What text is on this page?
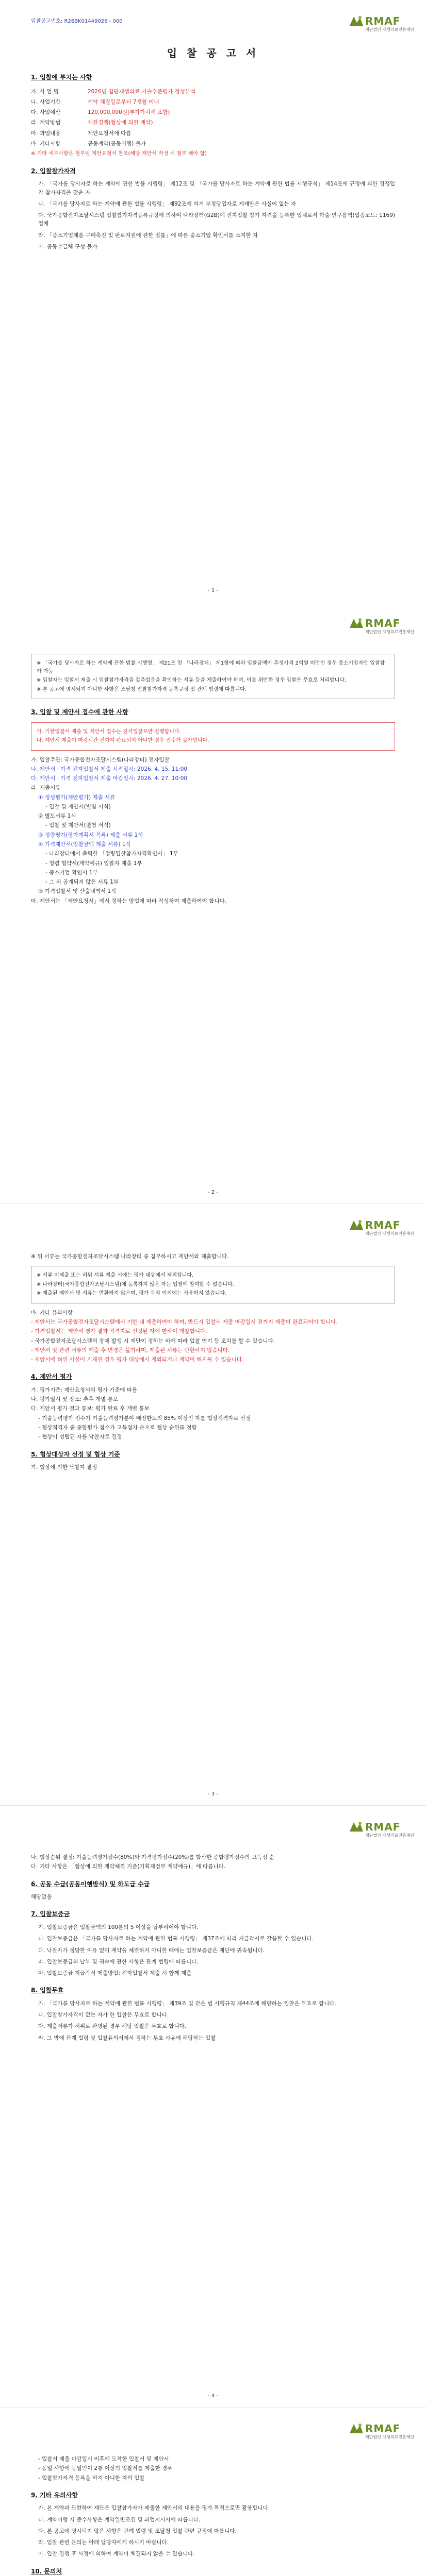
입찰공고번호: R26BK01449026 - 000	RMAF
재단법인 재생의료진흥재단
입 찰 공 고 서
1. 입찰에 부치는 사항
가. 사 업 명	2026년 첨단재생의료 기술수준평가 정성분석
나. 사업기간	계약 체결일로부터 7개월 이내
다. 사업예산	120,000,000원(부가가치세 포함)
라. 계약방법	제한경쟁(협상에 의한 계약)
마. 과업내용	제안요청서에 따름
바. 기타사항	공동계약(공동이행) 불가
※ 기타 세부사항은 첨부된 제안요청서 참조(해당 제안서 작성 시 첨부 해야 함)
2. 입찰참가자격
가. 「국가를 당사자로 하는 계약에 관한 법률 시행령」 제12조 및 「국가를 당사자로 하는 계약에 관한 법률 시행규칙」 제14조에 규정에 의한 경쟁입찰 참가자격을 갖춘 자
나. 「국가를 당사자로 하는 계약에 관한 법률 시행령」 제92조에 의거 부정당업자로 제재받은 사실이 없는 자
다. 국가종합전자조달시스템 입찰참가자격등록규정에 의하여 나라장터(G2B)에 전자입찰 참가 자격을 등록한 업체로서 학술·연구용역(업종코드: 1169) 업체
라. 「중소기업제품 구매촉진 및 판로지원에 관한 법률」에 따른 중소기업 확인서를 소지한 자
마. 공동수급체 구성 불가
- 1 -
RMAF
재단법인 재생의료진흥재단
※ 「국가를 당사자로 하는 계약에 관한 법률 시행령」 제21조 및 「나라장터」 제1항에 따라 입찰금액이 추정가격 2억원 미만인 경우 중소기업자만 입찰참가 가능
※ 입찰자는 입찰서 제출 시 입찰참가자격을 갖추었음을 확인하는 서류 등을 제출하여야 하며, 이를 위반한 경우 입찰은 무효로 처리합니다.
※ 본 공고에 명시되지 아니한 사항은 조달청 입찰참가자격 등록규정 및 관계 법령에 따릅니다.
3. 입찰 및 제안서 접수에 관한 사항
가. 기한입찰서 제출 및 제안서 접수는 전자입찰로만 진행합니다.
나. 제안서 제출이 마감시간 전까지 완료되지 아니한 경우 접수가 불가합니다.
가. 입찰주관: 국가종합전자조달시스템(나라장터) 전자입찰
나. 제안서 · 가격 전자입찰서 제출 시작일시: 2026. 4. 15. 11:00
다. 제안서 · 가격 전자입찰서 제출 마감일시: 2026. 4. 27. 10:00
라. 제출서류
① 정성평가(제안평가) 제출 서류
- 입찰 및 제안서(별첨 서식)
② 별도서류 1식
- 입찰 및 제안서(별첨 서식)
③ 정량평가(평가계획서 목록) 제출 서류 1식
④ 가격제안서(입찰금액 제출 서류) 1식
- 나라장터에서 출력한 「정량입찰참가자격확인서」 1부
- 청렴 협약서(계약예규) 입찰자 제출 1부
- 중소기업 확인서 1부
- 그 외 공개되지 않은 서류 1부
⑤ 가격입찰서 및 산출내역서 1식
마. 제안서는 「제안요청서」에서 정하는 방법에 따라 작성하여 제출하여야 합니다.
- 2 -
RMAF
재단법인 재생의료진흥재단
※ 위 서류는 국가종합전자조달시스템 나라장터 중 첨부하시고 제안서와 제출합니다.
※ 서류 미제출 또는 허위 서류 제출 시에는 평가 대상에서 제외됩니다.
※ 나라장터(국가종합전자조달시스템)에 등록하지 않은 자는 입찰에 참여할 수 없습니다.
※ 제출된 제안서 및 서류는 반환하지 않으며, 평가 목적 이외에는 사용하지 않습니다.
바. 기타 유의사항
- 제안서는 국가종합전자조달시스템에서 기한 내 제출하여야 하며, 반드시 입찰서 제출 마감일시 전까지 제출이 완료되어야 합니다.
- 가격입찰서는 제안서 평가 결과 적격자로 선정된 자에 한하여 개찰합니다.
- 국가종합전자조달시스템의 장애 발생 시 재단이 정하는 바에 따라 입찰 연기 등 조치를 할 수 있습니다.
- 제안서 및 관련 서류의 제출 후 변경은 불가하며, 제출된 서류는 반환하지 않습니다.
- 제안서에 허위 사실이 기재된 경우 평가 대상에서 제외되거나 계약이 해지될 수 있습니다.
4. 제안서 평가
가. 평가기준: 제안요청서의 평가 기준에 따름
나. 평가일시 및 장소: 추후 개별 통보
다. 제안서 평가 결과 통보: 평가 완료 후 개별 통보
- 기술능력평가 점수가 기술능력평가분야 배점한도의 85% 이상인 자를 협상적격자로 선정
- 협상적격자 중 종합평가 점수가 고득점자 순으로 협상 순위를 정함
- 협상이 성립된 자를 낙찰자로 결정
5. 협상대상자 선정 및 협상 기준
가. 협상에 의한 낙찰자 결정
- 3 -
RMAF
재단법인 재생의료진흥재단
나. 협상순위 결정: 기술능력평가점수(80%)와 가격평가점수(20%)를 합산한 종합평가점수의 고득점 순
다. 기타 사항은 「협상에 의한 계약체결 기준(기획재정부 계약예규)」에 따릅니다.
6. 공동 수급(공동이행방식) 및 하도급 수급
해당없음
7. 입찰보증금
가. 입찰보증금은 입찰금액의 100분의 5 이상을 납부하여야 합니다.
나. 입찰보증금은 「국가를 당사자로 하는 계약에 관한 법률 시행령」 제37조에 따라 지급각서로 갈음할 수 있습니다.
다. 낙찰자가 정당한 이유 없이 계약을 체결하지 아니한 때에는 입찰보증금은 재단에 귀속됩니다.
라. 입찰보증금의 납부 및 귀속에 관한 사항은 관계 법령에 따릅니다.
마. 입찰보증금 지급각서 제출방법: 전자입찰서 제출 시 함께 제출
8. 입찰무효
가. 「국가를 당사자로 하는 계약에 관한 법률 시행령」 제39조 및 같은 법 시행규칙 제44조에 해당하는 입찰은 무효로 합니다.
나. 입찰참가자격이 없는 자가 한 입찰은 무효로 합니다.
다. 제출서류가 허위로 판명된 경우 해당 입찰은 무효로 합니다.
라. 그 밖에 관계 법령 및 입찰유의서에서 정하는 무효 사유에 해당하는 입찰
- 4 -
RMAF
재단법인 재생의료진흥재단
- 입찰서 제출 마감일시 이후에 도착한 입찰서 및 제안서
- 동일 사항에 동일인이 2통 이상의 입찰서를 제출한 경우
- 입찰참가자격 등록을 하지 아니한 자의 입찰
9. 기타 유의사항
가. 본 계약과 관련하여 재단은 입찰참가자가 제출한 제안서의 내용을 평가 목적으로만 활용합니다.
나. 계약이행 시 준수사항은 계약일반조건 및 과업지시서에 따릅니다.
다. 본 공고에 명시되지 않은 사항은 관계 법령 및 조달청 입찰 관련 규정에 따릅니다.
라. 입찰 관련 문의는 아래 담당자에게 하시기 바랍니다.
마. 입찰 집행 후 사정에 의하여 계약이 체결되지 않을 수 있습니다.
10. 문의처
